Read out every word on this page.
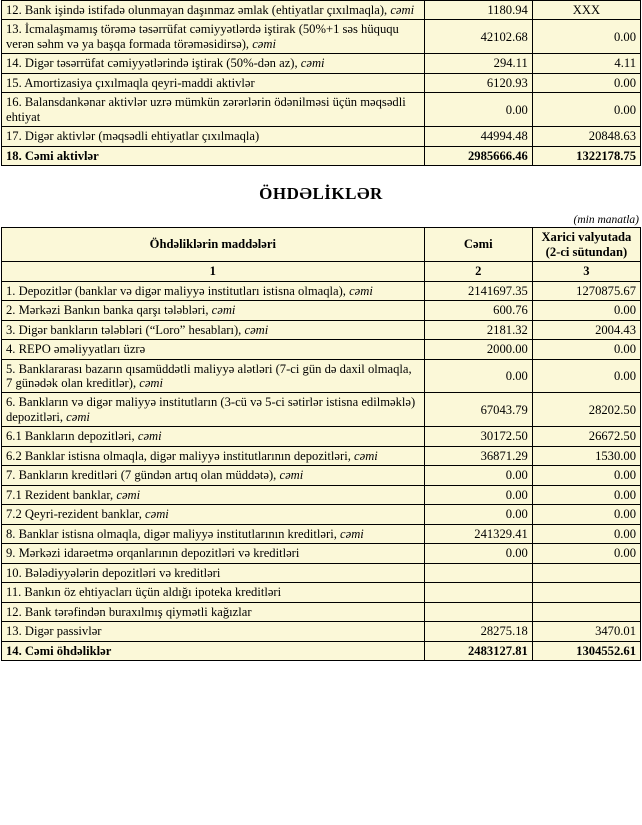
12. Bank işində istifadə olunmayan daşınmaz əmlak (ehtiyatlar çıxılmaqla), cəmi	1180.94	XXX
13. İcmalaşmamış törəmə təsərrüfat cəmiyyətlərdə iştirak (50%+1 səs hüququ verən səhm və ya başqa formada törəməsidirsə), cəmi	42102.68	0.00
14. Digər təsərrüfat cəmiyyətlərində iştirak (50%-dən az), cəmi	294.11	4.11
15. Amortizasiya çıxılmaqla qeyri-maddi aktivlər	6120.93	0.00
16. Balansdankənar aktivlər uzrə mümkün zərərlərin ödənilməsi üçün məqsədli ehtiyat	0.00	0.00
17. Digər aktivlər (məqsədli ehtiyatlar çıxılmaqla)	44994.48	20848.63
18. Cəmi aktivlər	2985666.46	1322178.75
ÖHDƏLİKLƏR
(min manatla)
Öhdəliklərin maddələri	Cəmi	Xarici valyutada (2-ci sütundan)
1	2	3
1. Depozitlər (banklar və digər maliyyə institutları istisna olmaqla), cəmi	2141697.35	1270875.67
2. Mərkəzi Bankın banka qarşı tələbləri, cəmi	600.76	0.00
3. Digər bankların tələbləri (“Loro” hesabları), cəmi	2181.32	2004.43
4. REPO əməliyyatları üzrə	2000.00	0.00
5. Banklararası bazarın qısamüddətli maliyyə alətləri (7-ci gün də daxil olmaqla, 7 günədək olan kreditlər), cəmi	0.00	0.00
6. Bankların və digər maliyyə institutların (3-cü və 5-ci sətirlər istisna edilməklə) depozitləri, cəmi	67043.79	28202.50
6.1 Bankların depozitləri, cəmi	30172.50	26672.50
6.2 Banklar istisna olmaqla, digər maliyyə institutlarının depozitləri, cəmi	36871.29	1530.00
7. Bankların kreditləri (7 gündən artıq olan müddətə), cəmi	0.00	0.00
7.1 Rezident banklar, cəmi	0.00	0.00
7.2 Qeyri-rezident banklar, cəmi	0.00	0.00
8. Banklar istisna olmaqla, digər maliyyə institutlarının kreditləri, cəmi	241329.41	0.00
9. Mərkəzi idarəetmə orqanlarının depozitləri və kreditləri	0.00	0.00
10. Bələdiyyələrin depozitləri və kreditləri		
11. Bankın öz ehtiyacları üçün aldığı ipoteka kreditləri		
12. Bank tərəfindən buraxılmış qiymətli kağızlar		
13. Digər passivlər	28275.18	3470.01
14. Cəmi öhdəliklər	2483127.81	1304552.61
